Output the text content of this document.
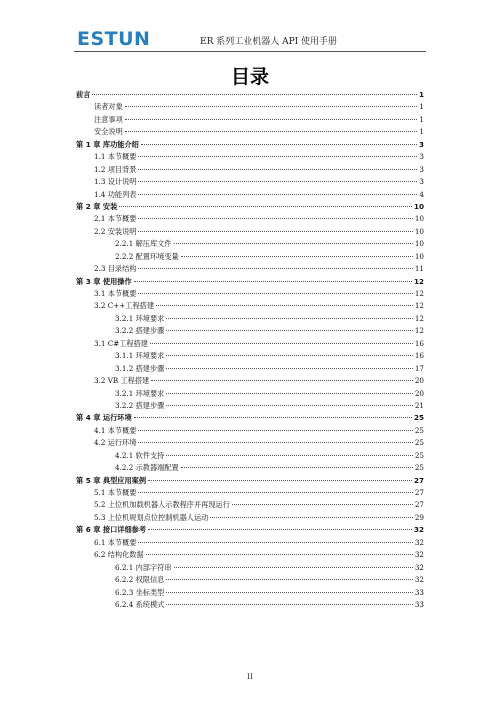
ESTUN	ER 系列工业机器人 API 使用手册
目录
前言	1
读者对象	1
注意事项	1
安全说明	1
第 1 章 库功能介绍	3
1.1 本节概要	3
1.2 项目背景	3
1.3 设计说明	3
1.4 功能列表	4
第 2 章 安装	10
2.1 本节概要	10
2.2 安装说明	10
2.2.1 解压库文件	10
2.2.2 配置环境变量	10
2.3 目录结构	11
第 3 章 使用操作	12
3.1 本节概要	12
3.2 C++工程搭建	12
3.2.1 环境要求	12
3.2.2 搭建步骤	12
3.1 C#工程搭建	16
3.1.1 环境要求	16
3.1.2 搭建步骤	17
3.2 VB 工程搭建	20
3.2.1 环境要求	20
3.2.2 搭建步骤	21
第 4 章 运行环境	25
4.1 本节概要	25
4.2 运行环境	25
4.2.1 软件支持	25
4.2.2 示教器端配置	25
第 5 章 典型应用案例	27
5.1 本节概要	27
5.2 上位机加载机器人示教程序并再现运行	27
5.3 上位机规划点位控制机器人运动	29
第 6 章 接口详细参考	32
6.1 本节概要	32
6.2 结构化数据	32
6.2.1 内部字符串	32
6.2.2 权限信息	32
6.2.3 坐标类型	33
6.2.4 系统模式	33
II
